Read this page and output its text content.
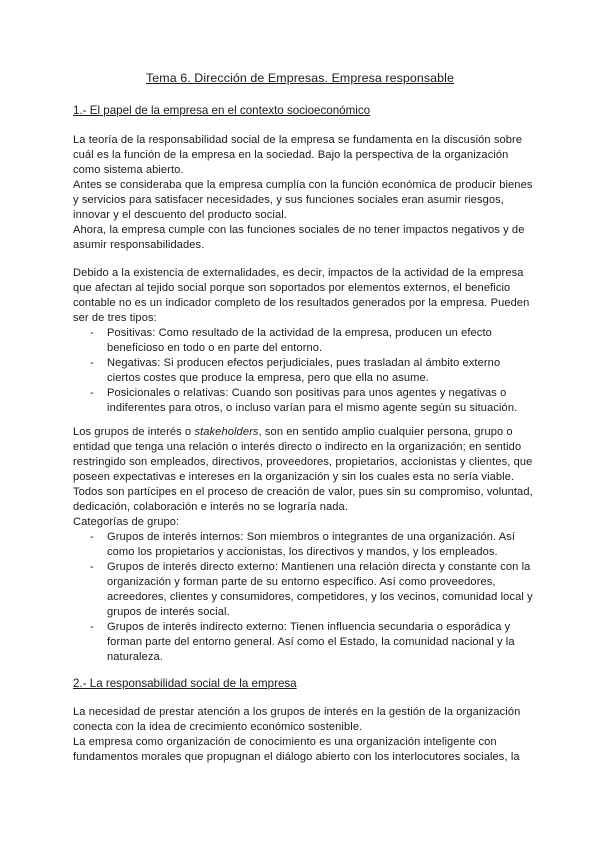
Tema 6. Dirección de Empresas. Empresa responsable
1.- El papel de la empresa en el contexto socioeconómico

La teoría de la responsabilidad social de la empresa se fundamenta en la discusión sobre

cuál es la función de la empresa en la sociedad. Bajo la perspectiva de la organización

como sistema abierto.

Antes se consideraba que la empresa cumplía con la función económica de producir bienes

y servicios para satisfacer necesidades, y sus funciones sociales eran asumir riesgos,

innovar y el descuento del producto social.

Ahora, la empresa cumple con las funciones sociales de no tener impactos negativos y de

asumir responsabilidades.

Debido a la existencia de externalidades, es decir, impactos de la actividad de la empresa

que afectan al tejido social porque son soportados por elementos externos, el beneficio

contable no es un indicador completo de los resultados generados por la empresa. Pueden

ser de tres tipos:

- Positivas: Como resultado de la actividad de la empresa, producen un efecto
beneficioso en todo o en parte del entorno.
- Negativas: Si producen efectos perjudiciales, pues trasladan al ámbito externo
ciertos costes que produce la empresa, pero que ella no asume.
- Posicionales o relativas: Cuando son positivas para unos agentes y negativas o
indiferentes para otros, o incluso varían para el mismo agente según su situación.

Los grupos de interés o stakeholders, son en sentido amplio cualquier persona, grupo o

entidad que tenga una relación o interés directo o indirecto en la organización; en sentido

restringido son empleados, directivos, proveedores, propietarios, accionistas y clientes, que

poseen expectativas e intereses en la organización y sin los cuales esta no sería viable.

Todos son partícipes en el proceso de creación de valor, pues sin su compromiso, voluntad,

dedicación, colaboración e interés no se lograría nada.

Categorías de grupo:

- Grupos de interés internos: Son miembros o integrantes de una organización. Así
como los propietarios y accionistas, los directivos y mandos, y los empleados.
- Grupos de interés directo externo: Mantienen una relación directa y constante con la
organización y forman parte de su entorno específico. Así como proveedores,
acreedores, clientes y consumidores, competidores, y los vecinos, comunidad local y
grupos de interés social.
- Grupos de interés indirecto externo: Tienen influencia secundaria o esporádica y
forman parte del entorno general. Así como el Estado, la comunidad nacional y la
naturaleza.
2.- La responsabilidad social de la empresa

La necesidad de prestar atención a los grupos de interés en la gestión de la organización

conecta con la idea de crecimiento económico sostenible.

La empresa como organización de conocimiento es una organización inteligente con

fundamentos morales que propugnan el diálogo abierto con los interlocutores sociales, la
